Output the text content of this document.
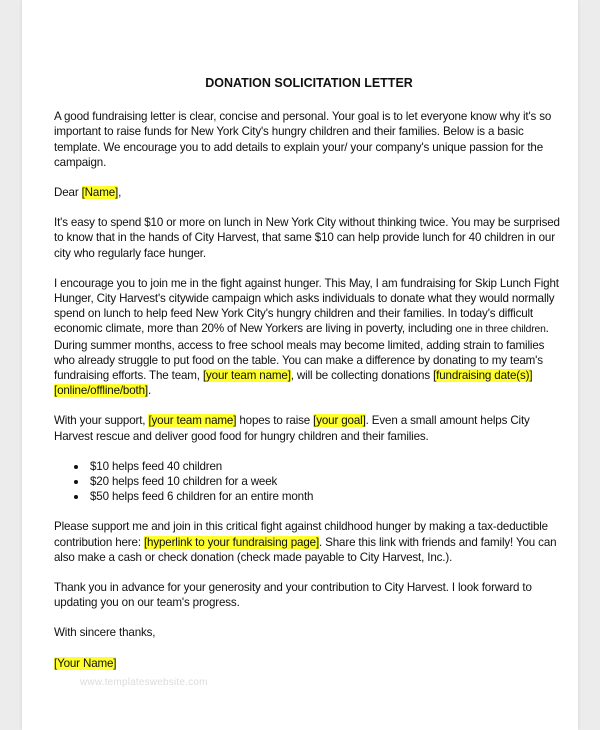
DONATION SOLICITATION LETTER

A good fundraising letter is clear, concise and personal. Your goal is to let everyone know why it's so important to raise funds for New York City's hungry children and their families. Below is a basic template. We encourage you to add details to explain your/ your company's unique passion for the campaign.

Dear [Name],

It's easy to spend $10 or more on lunch in New York City without thinking twice. You may be surprised to know that in the hands of City Harvest, that same $10 can help provide lunch for 40 children in our city who regularly face hunger.

I encourage you to join me in the fight against hunger. This May, I am fundraising for Skip Lunch Fight Hunger, City Harvest's citywide campaign which asks individuals to donate what they would normally spend on lunch to help feed New York City's hungry children and their families. In today's difficult economic climate, more than 20% of New Yorkers are living in poverty, including one in three children. During summer months, access to free school meals may become limited, adding strain to families who already struggle to put food on the table. You can make a difference by donating to my team's fundraising efforts. The team, [your team name], will be collecting donations [fundraising date(s)] [online/offline/both].

With your support, [your team name] hopes to raise [your goal]. Even a small amount helps City Harvest rescue and deliver good food for hungry children and their families.

$10 helps feed 40 children
$20 helps feed 10 children for a week
$50 helps feed 6 children for an entire month

Please support me and join in this critical fight against childhood hunger by making a tax-deductible contribution here: [hyperlink to your fundraising page]. Share this link with friends and family! You can also make a cash or check donation (check made payable to City Harvest, Inc.).

Thank you in advance for your generosity and your contribution to City Harvest. I look forward to updating you on our team's progress.

With sincere thanks,

[Your Name]

www.templateswebsite.com
